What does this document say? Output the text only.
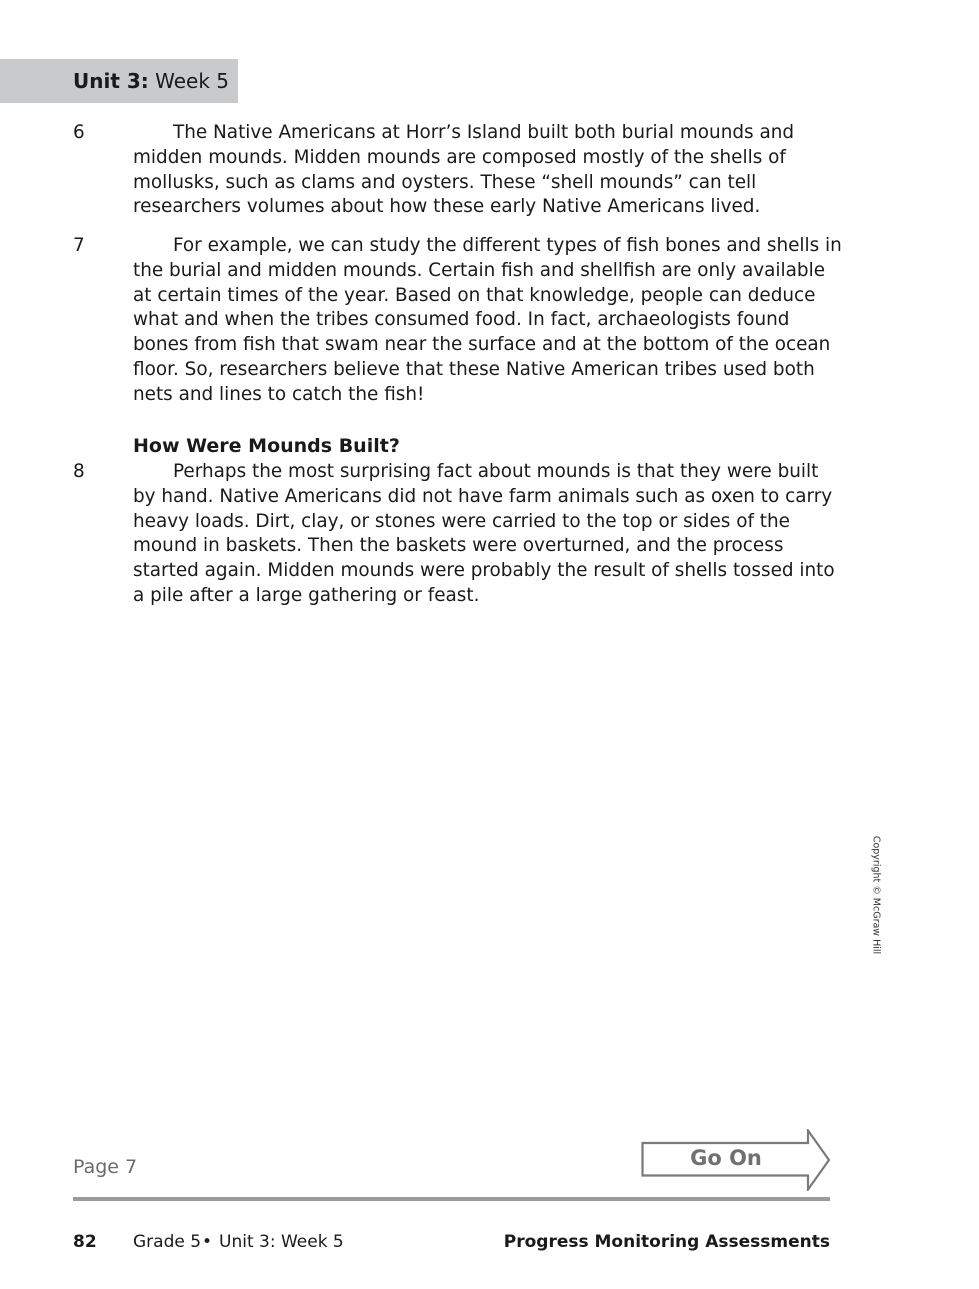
Unit 3: Week 5
6	The Native Americans at Horr’s Island built both burial mounds and midden mounds. Midden mounds are composed mostly of the shells of mollusks, such as clams and oysters. These “shell mounds” can tell researchers volumes about how these early Native Americans lived.
7	For example, we can study the different types of fish bones and shells in the burial and midden mounds. Certain fish and shellfish are only available at certain times of the year. Based on that knowledge, people can deduce what and when the tribes consumed food. In fact, archaeologists found bones from fish that swam near the surface and at the bottom of the ocean floor. So, researchers believe that these Native American tribes used both nets and lines to catch the fish!
How Were Mounds Built?
8	Perhaps the most surprising fact about mounds is that they were built by hand. Native Americans did not have farm animals such as oxen to carry heavy loads. Dirt, clay, or stones were carried to the top or sides of the mound in baskets. Then the baskets were overturned, and the process started again. Midden mounds were probably the result of shells tossed into a pile after a large gathering or feast.
Copyright © McGraw Hill
Page 7	Go On
82 Grade 5 • Unit 3: Week 5	Progress Monitoring Assessments
